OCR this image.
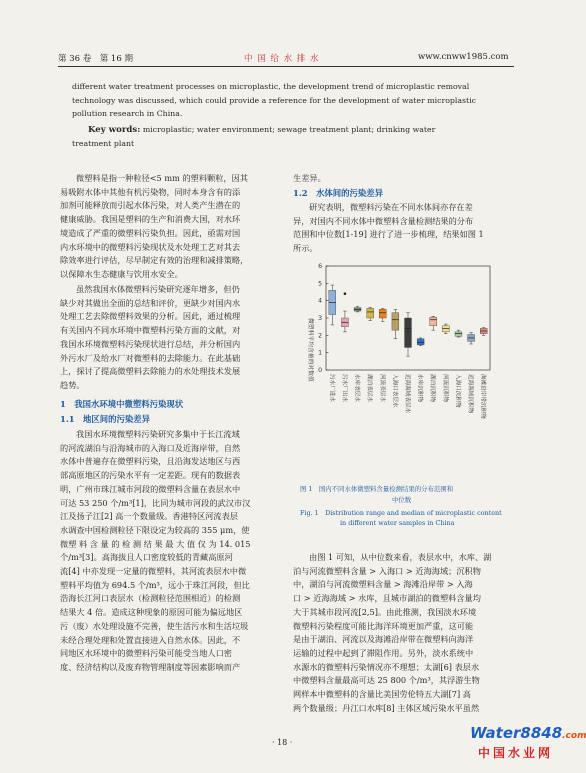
第 36 卷　第 16 期	中 国 给 水 排 水	www.cnww1985.com
different water treatment processes on microplastic, the development trend of microplastic removal
technology was discussed, which could provide a reference for the development of water microplastic
pollution research in China.
Key words: microplastic; water environment; sewage treatment plant; drinking water
treatment plant
微塑料是指一种粒径<5 mm 的塑料颗粒，因其
易吸附水体中其他有机污染物，同时本身含有的添
加剂可能释放而引起水体污染，对人类产生潜在的
健康威胁。我国是塑料的生产和消费大国，对水环
境造成了严重的微塑料污染负担。因此，亟需对国
内水环境中的微塑料污染现状及水处理工艺对其去
除效率进行评估，尽早制定有效的治理和减排策略，
以保障水生态健康与饮用水安全。
虽然我国水体微塑料污染研究逐年增多，但仍
缺少对其做出全面的总结和评价，更缺少对国内水
处理工艺去除微塑料效果的分析。因此，通过梳理
有关国内不同水环境中微塑料污染方面的文献，对
我国水环境微塑料污染现状进行总结，并分析国内
外污水厂及给水厂对微塑料的去除能力。在此基础
上，探讨了提高微塑料去除能力的水处理技术发展
趋势。
1　我国水环境中微塑料污染现状
1.1　地区间的污染差异
我国水环境微塑料污染研究多集中于长江流域
的河流湖泊与沿海城市的入海口及近海岸带，自然
水体中普遍存在微塑料污染，且沿海发达地区与西
部高原地区的污染水平有一定差距。现有的数据表
明，广州市珠江城市河段的微塑料含量在表层水中
可达 53 250 个/m³[1]，比同为城市河段的武汉市汉
江及扬子江[2] 高一个数量级。香港特区河流表层
水调查中国检测粒径下限设定为较高的 355 μm，使
微塑 料 含 量 的 检 测 结 果 最 大 值 仅 为 14. 015
个/m³[3]。高海拔且人口密度较低的青藏高原河
流[4] 中亦发现一定量的微塑料，其河流表层水中微
塑料平均值为 694.5 个/m³，远小于珠江河段，但比
浩海长江河口表层水（检测粒径范围相近）的检测
结果大 4 倍。造成这种现象的原因可能为偏远地区
污（废）水处理设施不完善，使生活污水和生活垃圾
未经合理处理和处置直接进入自然水体。因此，不
同地区水环境中的微塑料污染可能受当地人口密
度、经济结构以及废弃物管理制度等因素影响而产
生差异。
1.2　水体间的污染差异
研究表明，微塑料污染在不同水体间亦存在差
异，对国内不同水体中微塑料含量检测结果的分布
范围和中位数[1-19] 进行了进一步梳理，结果如图 1
所示。
微塑料平均含量的对数值 0
1
2
3
4
5
6
污水厂进水	污水厂出水	水库表层水	湖泊表层水	河流表层水	入海口表层水	近海海域表层水	水库沉积物	湖泊沉积物	河流沉积物	入海口沉积物	近海海域沉积物	海滩沿岸带沉积物
图 1　国内不同水体微塑料含量检测结果的分布范围和
中位数
Fig. 1　Distribution range and median of microplastic content
in different water samples in China
由图 1 可知，从中位数来看，表层水中，水库、湖
泊与河流微塑料含量 > 入海口 > 近海海域；沉积物
中，湖泊与河流微塑料含量 > 海滩沿岸带 > 入海
口 > 近海海域 > 水库，且城市湖泊的微塑料含量均
大于其城市段河流[2,5]。由此推测，我国淡水环境
微塑料污染程度可能比海洋环境更加严重，这可能
是由于湖泊、河流以及海滩沿岸带在微塑料向海洋
运输的过程中起到了滞阻作用。另外，淡水系统中
水源水的微塑料污染情况亦不理想；太湖[6] 表层水
中微塑料含量最高可达 25 800 个/m³，其浮游生物
网样本中微塑料的含量比美国劳伦特五大湖[7] 高
两个数量级；丹江口水库[8] 主体区域污染水平虽然
· 18 ·
Water8848.com
中国水业网
